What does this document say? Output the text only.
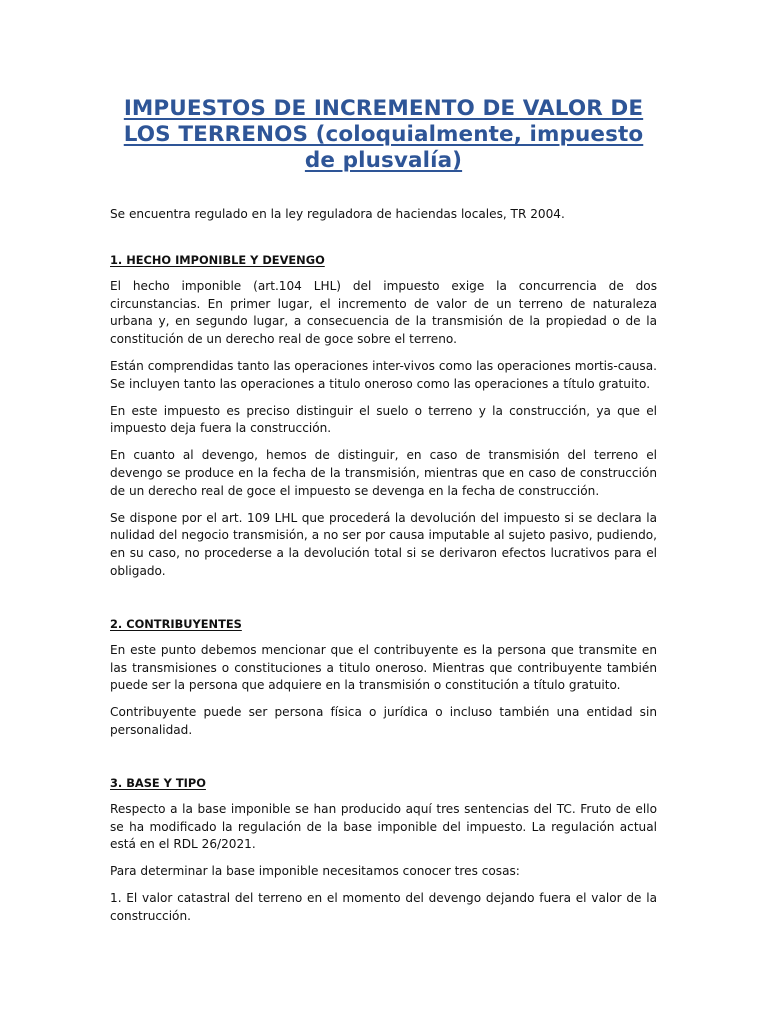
IMPUESTOS DE INCREMENTO DE VALOR DE LOS TERRENOS (coloquialmente, impuesto de plusvalía)

Se encuentra regulado en la ley reguladora de haciendas locales, TR 2004.

1. HECHO IMPONIBLE Y DEVENGO

El hecho imponible (art.104 LHL) del impuesto exige la concurrencia de dos circunstancias. En primer lugar, el incremento de valor de un terreno de naturaleza urbana y, en segundo lugar, a consecuencia de la transmisión de la propiedad o de la constitución de un derecho real de goce sobre el terreno.

Están comprendidas tanto las operaciones inter-vivos como las operaciones mortis-causa. Se incluyen tanto las operaciones a titulo oneroso como las operaciones a título gratuito.

En este impuesto es preciso distinguir el suelo o terreno y la construcción, ya que el impuesto deja fuera la construcción.

En cuanto al devengo, hemos de distinguir, en caso de transmisión del terreno el devengo se produce en la fecha de la transmisión, mientras que en caso de construcción de un derecho real de goce el impuesto se devenga en la fecha de construcción.

Se dispone por el art. 109 LHL que procederá la devolución del impuesto si se declara la nulidad del negocio transmisión, a no ser por causa imputable al sujeto pasivo, pudiendo, en su caso, no procederse a la devolución total si se derivaron efectos lucrativos para el obligado.

2. CONTRIBUYENTES

En este punto debemos mencionar que el contribuyente es la persona que transmite en las transmisiones o constituciones a titulo oneroso. Mientras que contribuyente también puede ser la persona que adquiere en la transmisión o constitución a título gratuito.

Contribuyente puede ser persona física o jurídica o incluso también una entidad sin personalidad.

3. BASE Y TIPO

Respecto a la base imponible se han producido aquí tres sentencias del TC. Fruto de ello se ha modificado la regulación de la base imponible del impuesto. La regulación actual está en el RDL 26/2021.

Para determinar la base imponible necesitamos conocer tres cosas:

1. El valor catastral del terreno en el momento del devengo dejando fuera el valor de la construcción.
